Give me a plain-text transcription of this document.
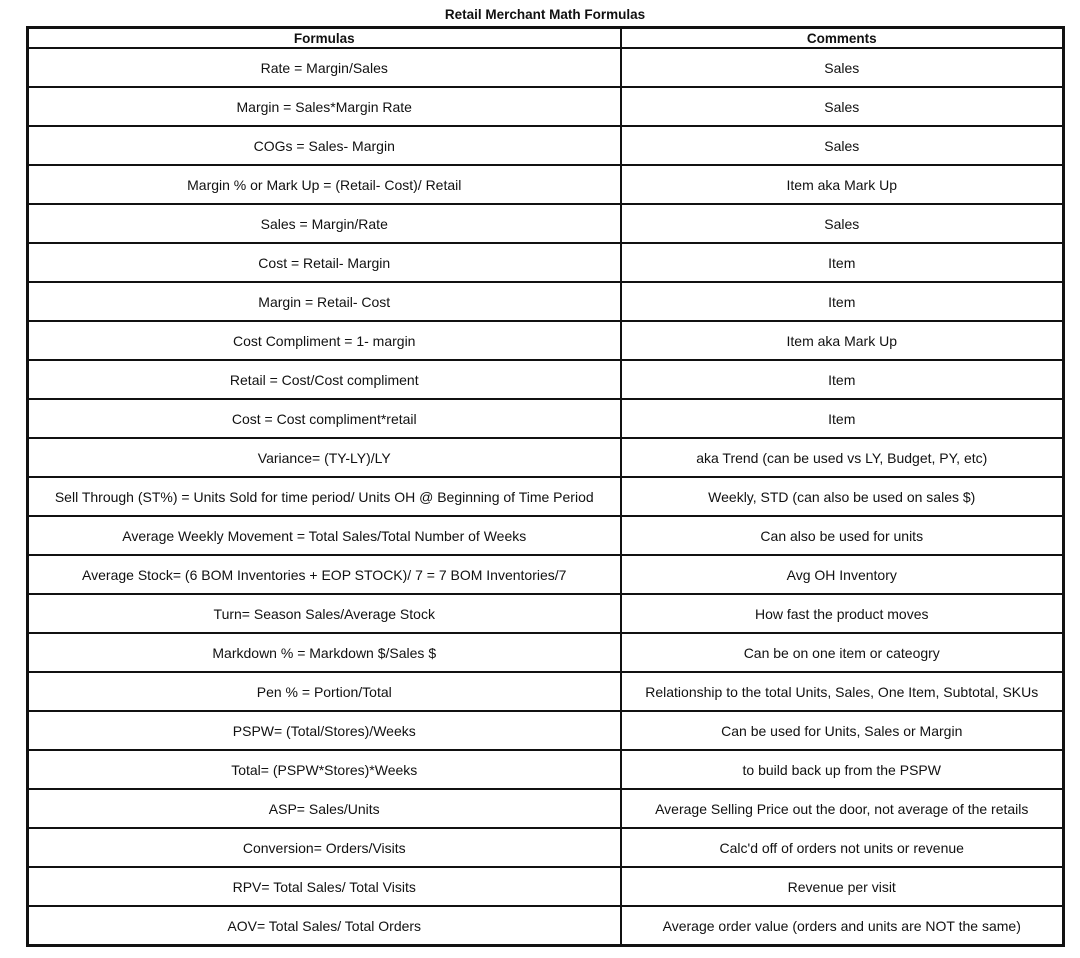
Retail Merchant Math Formulas
Formulas	Comments
Rate = Margin/Sales	Sales
Margin = Sales*Margin Rate	Sales
COGs = Sales- Margin	Sales
Margin % or Mark Up = (Retail- Cost)/ Retail	Item aka Mark Up
Sales = Margin/Rate	Sales
Cost = Retail- Margin	Item
Margin = Retail- Cost	Item
Cost Compliment = 1- margin	Item aka Mark Up
Retail = Cost/Cost compliment	Item
Cost = Cost compliment*retail	Item
Variance= (TY-LY)/LY	aka Trend (can be used vs LY, Budget, PY, etc)
Sell Through (ST%) = Units Sold for time period/ Units OH @ Beginning of Time Period	Weekly, STD (can also be used on sales $)
Average Weekly Movement = Total Sales/Total Number of Weeks	Can also be used for units
Average Stock= (6 BOM Inventories + EOP STOCK)/ 7 = 7 BOM Inventories/7	Avg OH Inventory
Turn= Season Sales/Average Stock	How fast the product moves
Markdown % = Markdown $/Sales $	Can be on one item or cateogry
Pen % = Portion/Total	Relationship to the total Units, Sales, One Item, Subtotal, SKUs
PSPW= (Total/Stores)/Weeks	Can be used for Units, Sales or Margin
Total= (PSPW*Stores)*Weeks	to build back up from the PSPW
ASP= Sales/Units	Average Selling Price out the door, not average of the retails
Conversion= Orders/Visits	Calc'd off of orders not units or revenue
RPV= Total Sales/ Total Visits	Revenue per visit
AOV= Total Sales/ Total Orders	Average order value (orders and units are NOT the same)
